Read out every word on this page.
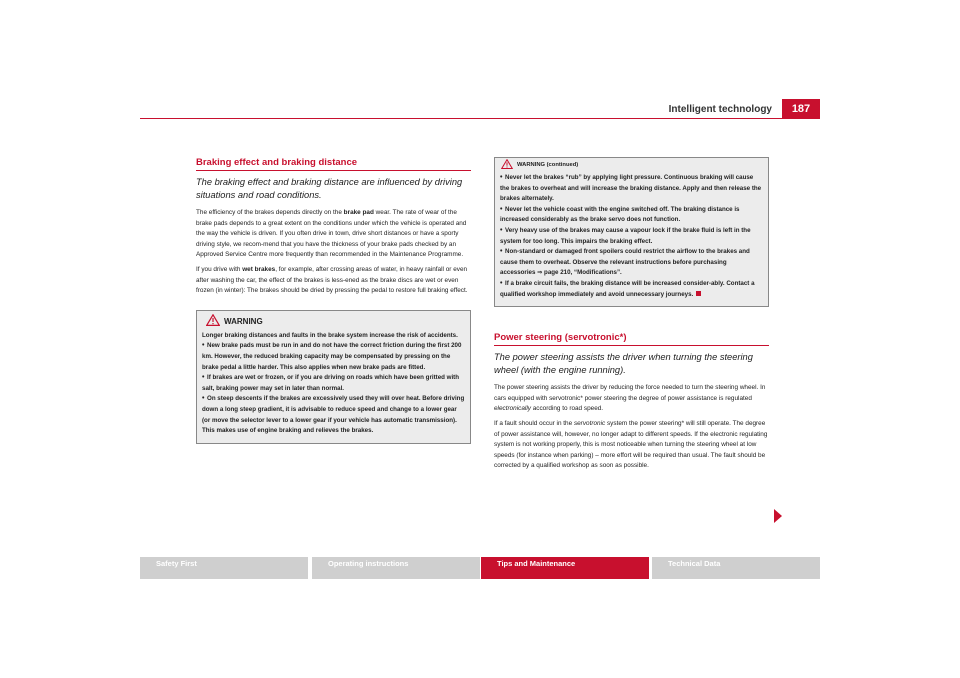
Intelligent technology	187
Braking effect and braking distance
The braking effect and braking distance are influenced by driving situations and road conditions.

The efficiency of the brakes depends directly on the brake pad wear. The rate of wear of the brake pads depends to a great extent on the conditions under which the vehicle is operated and the way the vehicle is driven. If you often drive in town, drive short distances or have a sporty driving style, we recom-mend that you have the thickness of your brake pads checked by an Approved Service Centre more frequently than recommended in the Maintenance Programme.

If you drive with wet brakes, for example, after crossing areas of water, in heavy rainfall or even after washing the car, the effect of the brakes is less-ened as the brake discs are wet or even frozen (in winter): The brakes should be dried by pressing the pedal to restore full braking effect.

WARNING

Longer braking distances and faults in the brake system increase the risk of accidents.

• New brake pads must be run in and do not have the correct friction during the first 200 km. However, the reduced braking capacity may be compensated by pressing on the brake pedal a little harder. This also applies when new brake pads are fitted.

• If brakes are wet or frozen, or if you are driving on roads which have been gritted with salt, braking power may set in later than normal.

• On steep descents if the brakes are excessively used they will over heat. Before driving down a long steep gradient, it is advisable to reduce speed and change to a lower gear (or move the selector lever to a lower gear if your vehicle has automatic transmission). This makes use of engine braking and relieves the brakes.

WARNING (continued)

• Never let the brakes “rub” by applying light pressure. Continuous braking will cause the brakes to overheat and will increase the braking distance. Apply and then release the brakes alternately.

• Never let the vehicle coast with the engine switched off. The braking distance is increased considerably as the brake servo does not function.

• Very heavy use of the brakes may cause a vapour lock if the brake fluid is left in the system for too long. This impairs the braking effect.

• Non-standard or damaged front spoilers could restrict the airflow to the brakes and cause them to overheat. Observe the relevant instructions before purchasing accessories ⇒ page 210, “Modifications”.

• If a brake circuit fails, the braking distance will be increased consider-ably. Contact a qualified workshop immediately and avoid unnecessary journeys.

Power steering (servotronic*)
The power steering assists the driver when turning the steering wheel (with the engine running).

The power steering assists the driver by reducing the force needed to turn the steering wheel. In cars equipped with servotronic* power steering the degree of power assistance is regulated electronically according to road speed.

If a fault should occur in the servotronic system the power steering* will still operate. The degree of power assistance will, however, no longer adapt to different speeds. If the electronic regulating system is not working properly, this is most noticeable when turning the steering wheel at low speeds (for instance when parking) – more effort will be required than usual. The fault should be corrected by a qualified workshop as soon as possible.

Safety First	Operating instructions	Tips and Maintenance	Technical Data
